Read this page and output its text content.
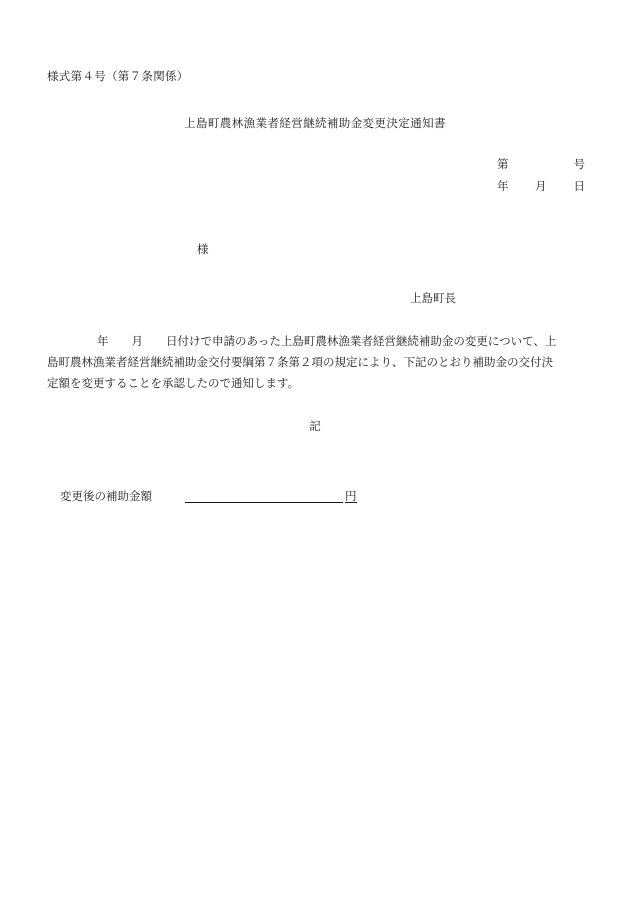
様式第４号（第７条関係）
上島町農林漁業者経営継続補助金変更決定通知書
第	号
年 月 日
様
上島町長
年　　月　　日付けで申請のあった上島町農林漁業者経営継続補助金の変更について、上
島町農林漁業者経営継続補助金交付要綱第７条第２項の規定により、下記のとおり補助金の交付決
定額を変更することを承認したので通知します。
記
変更後の補助金額	円
